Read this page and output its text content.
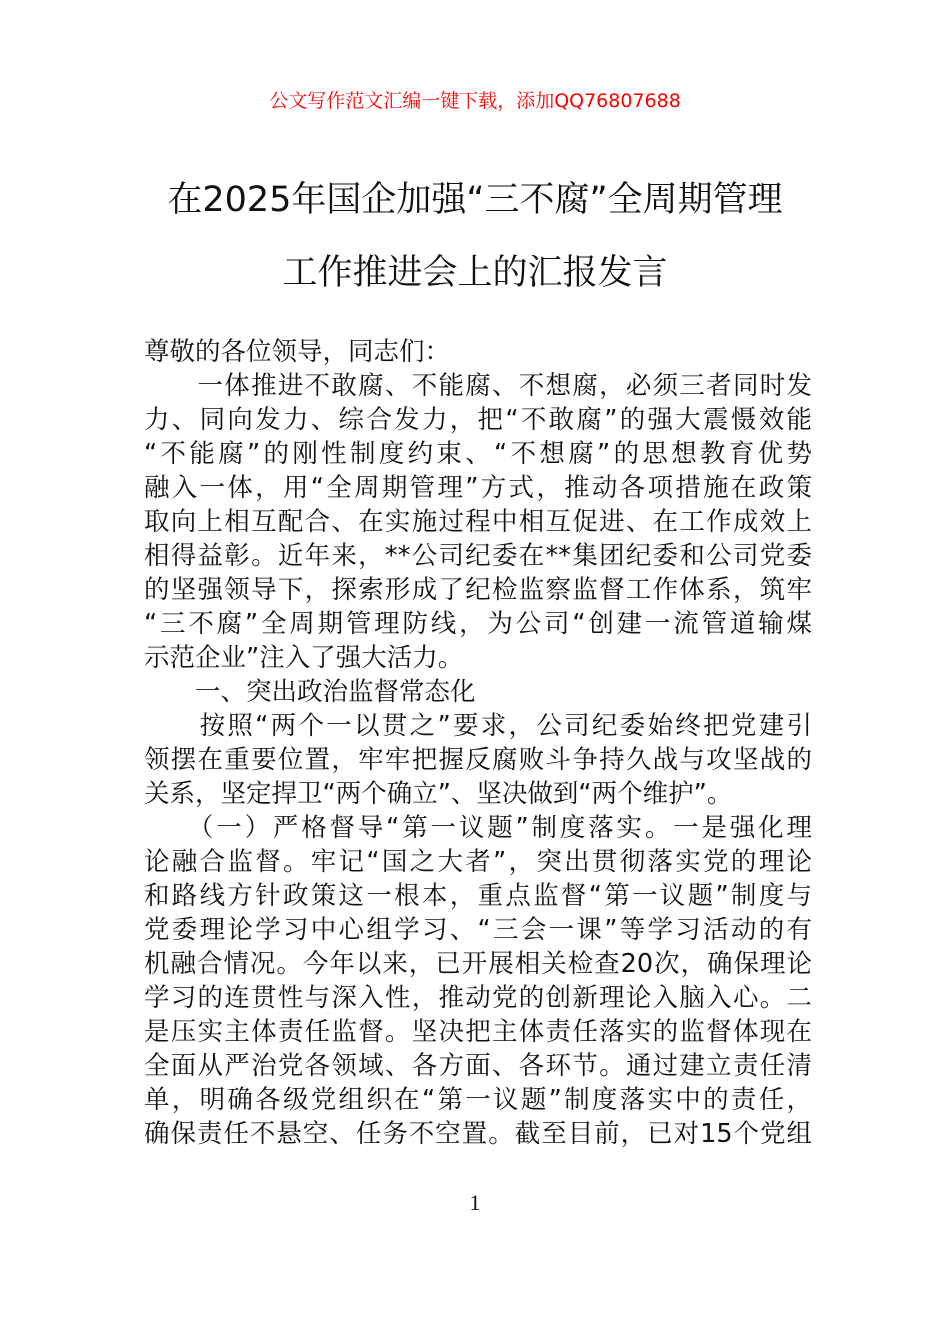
公文写作范文汇编一键下载，添加QQ76807688
在2025年国企加强“三不腐”全周期管理
工作推进会上的汇报发言
尊敬的各位领导，同志们：
　　一体推进不敢腐、不能腐、不想腐，必须三者同时发
力、同向发力、综合发力，把“不敢腐”的强大震慑效能
“不能腐”的刚性制度约束、“不想腐”的思想教育优势
融入一体，用“全周期管理”方式，推动各项措施在政策
取向上相互配合、在实施过程中相互促进、在工作成效上
相得益彰。近年来，**公司纪委在**集团纪委和公司党委
的坚强领导下，探索形成了纪检监察监督工作体系，筑牢
“三不腐”全周期管理防线，为公司“创建一流管道输煤
示范企业”注入了强大活力。
　　一、突出政治监督常态化
　　按照“两个一以贯之”要求，公司纪委始终把党建引
领摆在重要位置，牢牢把握反腐败斗争持久战与攻坚战的
关系，坚定捍卫“两个确立”、坚决做到“两个维护”。
　　（一）严格督导“第一议题”制度落实。一是强化理
论融合监督。牢记“国之大者”，突出贯彻落实党的理论
和路线方针政策这一根本，重点监督“第一议题”制度与
党委理论学习中心组学习、“三会一课”等学习活动的有
机融合情况。今年以来，已开展相关检查20次，确保理论
学习的连贯性与深入性，推动党的创新理论入脑入心。二
是压实主体责任监督。坚决把主体责任落实的监督体现在
全面从严治党各领域、各方面、各环节。通过建立责任清
单，明确各级党组织在“第一议题”制度落实中的责任，
确保责任不悬空、任务不空置。截至目前，已对15个党组
1
